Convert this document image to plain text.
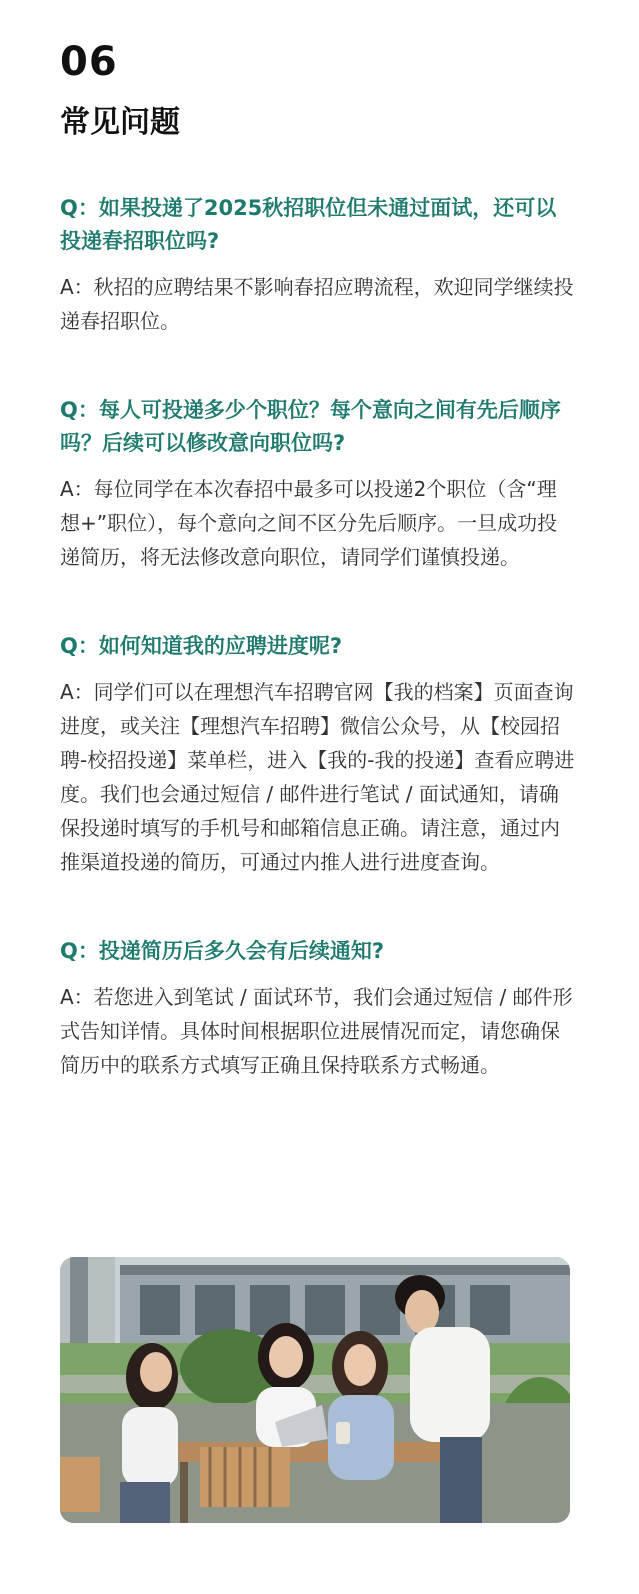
06
常见问题

Q：如果投递了2025秋招职位但未通过面试，还可以投递春招职位吗?

A：秋招的应聘结果不影响春招应聘流程，欢迎同学继续投递春招职位。

Q：每人可投递多少个职位？每个意向之间有先后顺序吗？后续可以修改意向职位吗?

A：每位同学在本次春招中最多可以投递2个职位（含“理想+”职位），每个意向之间不区分先后顺序。一旦成功投递简历，将无法修改意向职位，请同学们谨慎投递。

Q：如何知道我的应聘进度呢?

A：同学们可以在理想汽车招聘官网【我的档案】页面查询进度，或关注【理想汽车招聘】微信公众号，从【校园招聘-校招投递】菜单栏，进入【我的-我的投递】查看应聘进度。我们也会通过短信 / 邮件进行笔试 / 面试通知，请确保投递时填写的手机号和邮箱信息正确。请注意，通过内推渠道投递的简历，可通过内推人进行进度查询。

Q：投递简历后多久会有后续通知?

A：若您进入到笔试 / 面试环节，我们会通过短信 / 邮件形式告知详情。具体时间根据职位进展情况而定，请您确保简历中的联系方式填写正确且保持联系方式畅通。
